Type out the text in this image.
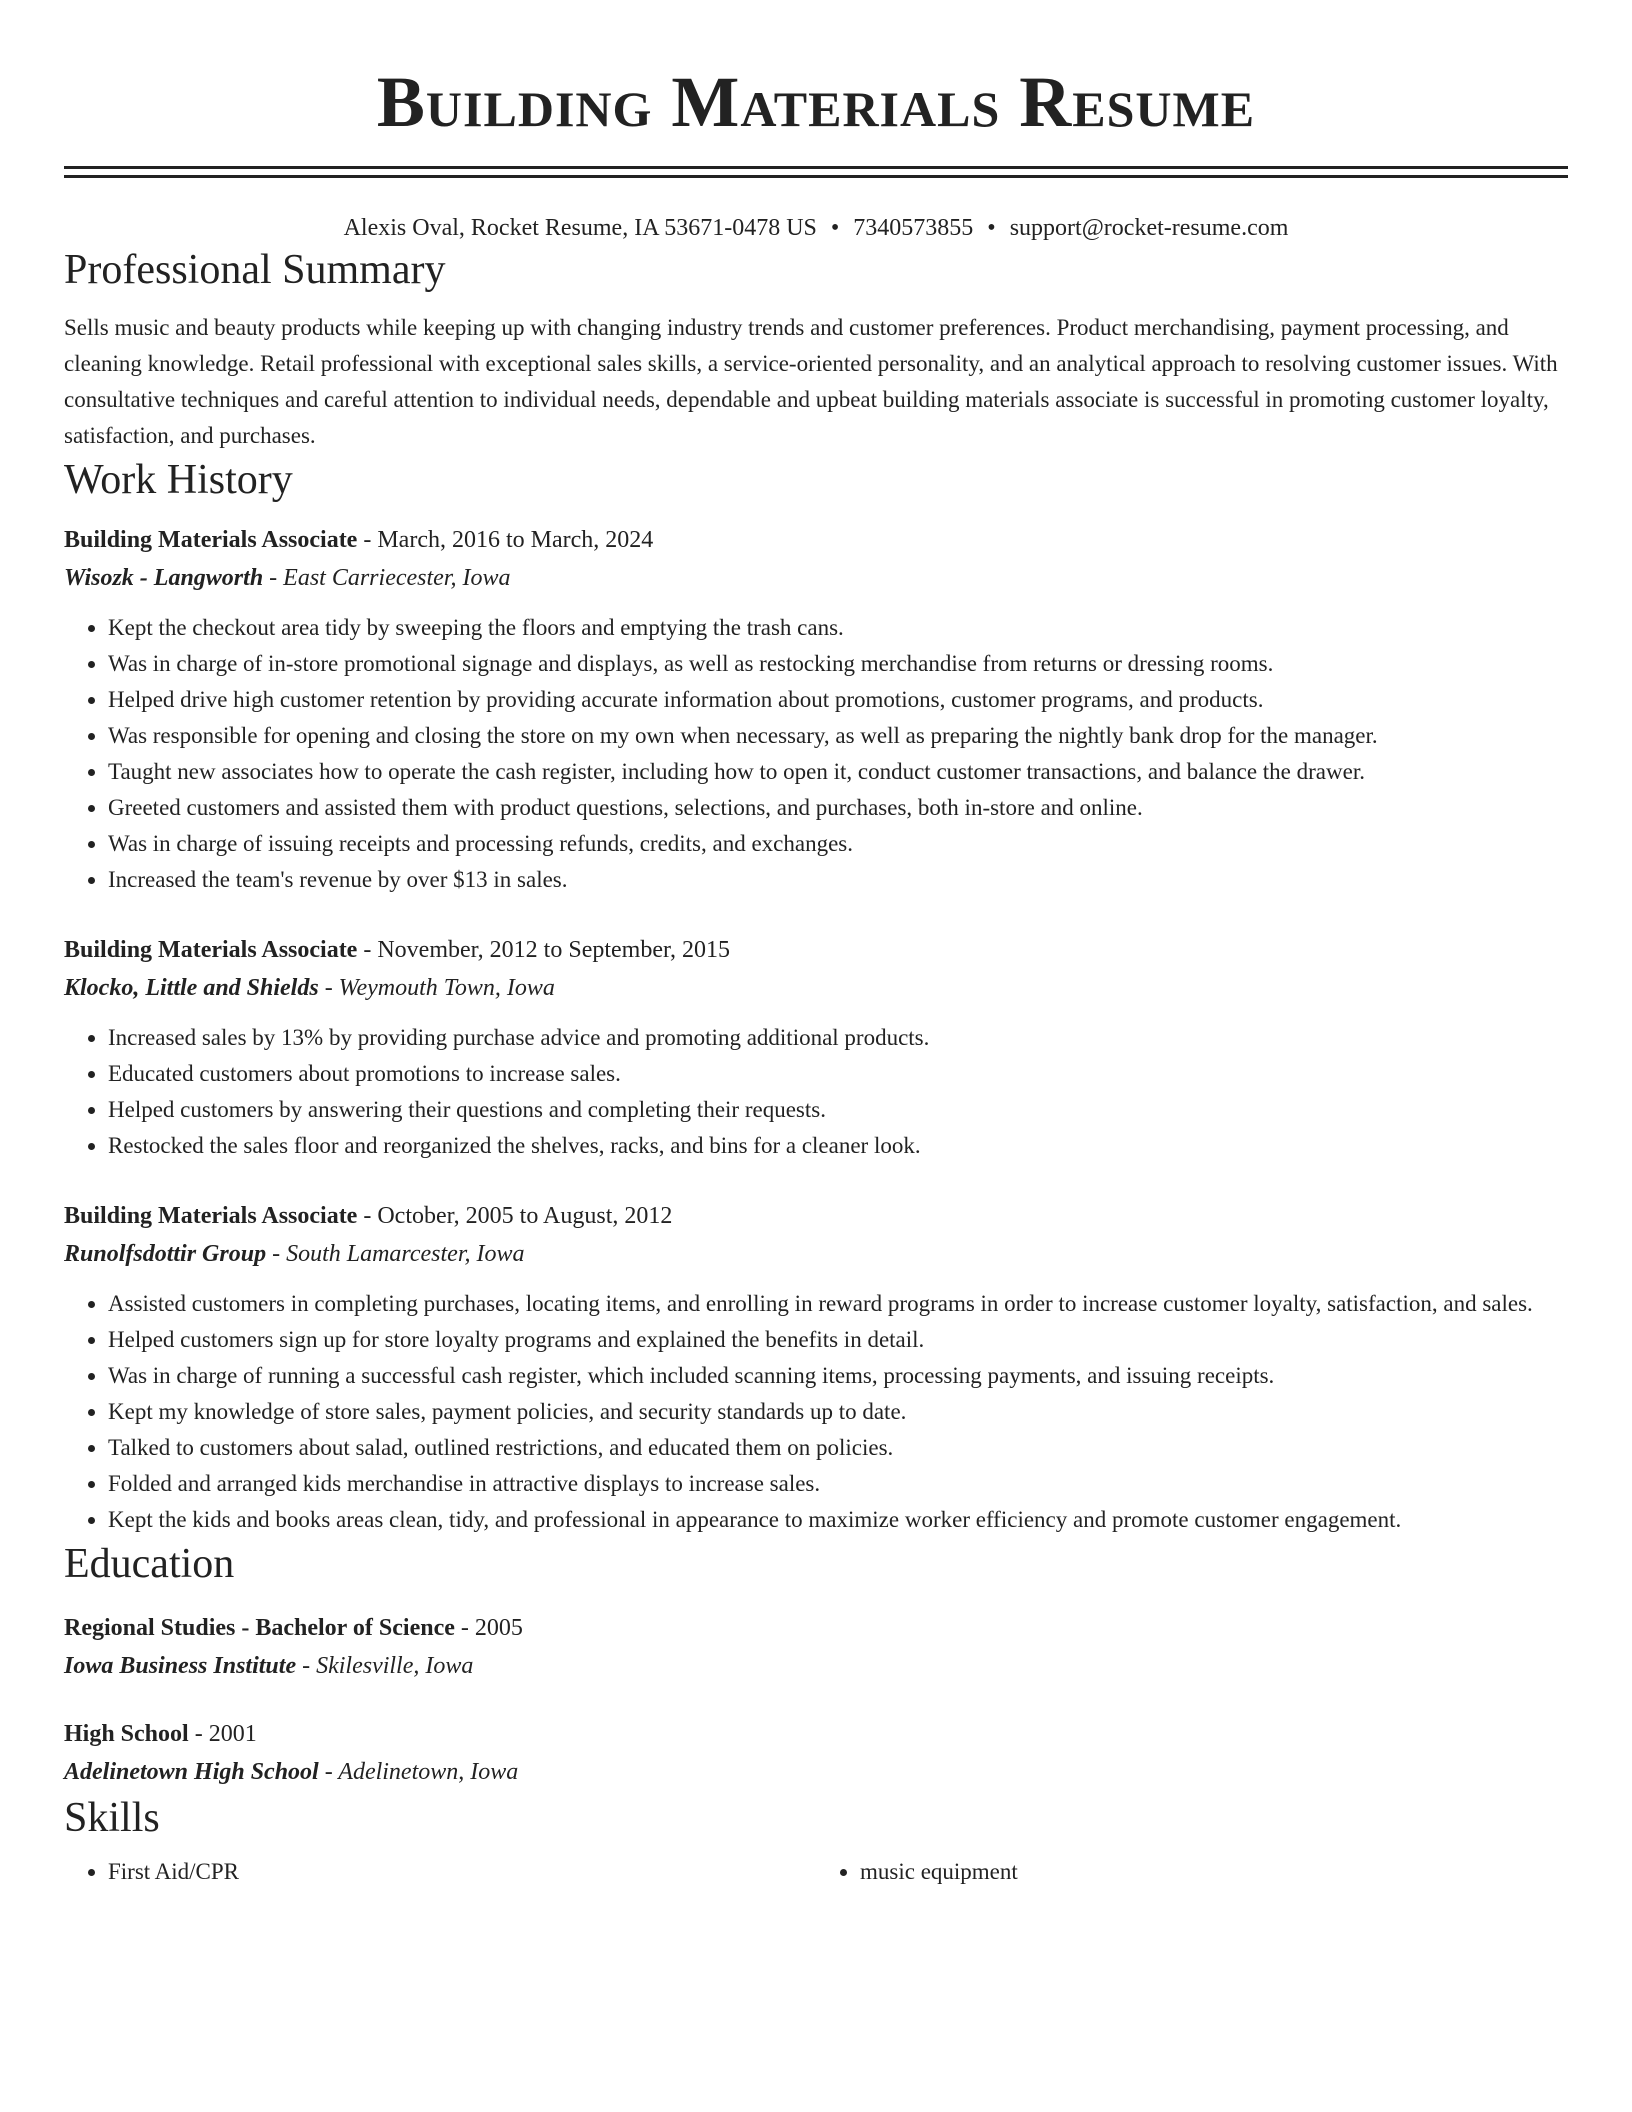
Building Materials Resume
Alexis Oval, Rocket Resume, IA 53671-0478 US • 7340573855 • support@rocket-resume.com
Professional Summary

Sells music and beauty products while keeping up with changing industry trends and customer preferences. Product merchandising, payment processing, and cleaning knowledge. Retail professional with exceptional sales skills, a service-oriented personality, and an analytical approach to resolving customer issues. With consultative techniques and careful attention to individual needs, dependable and upbeat building materials associate is successful in promoting customer loyalty, satisfaction, and purchases.

Work History
Building Materials Associate - March, 2016 to March, 2024
Wisozk - Langworth - East Carriecester, Iowa
• Kept the checkout area tidy by sweeping the floors and emptying the trash cans.
• Was in charge of in-store promotional signage and displays, as well as restocking merchandise from returns or dressing rooms.
• Helped drive high customer retention by providing accurate information about promotions, customer programs, and products.
• Was responsible for opening and closing the store on my own when necessary, as well as preparing the nightly bank drop for the manager.
• Taught new associates how to operate the cash register, including how to open it, conduct customer transactions, and balance the drawer.
• Greeted customers and assisted them with product questions, selections, and purchases, both in-store and online.
• Was in charge of issuing receipts and processing refunds, credits, and exchanges.
• Increased the team's revenue by over $13 in sales.
Building Materials Associate - November, 2012 to September, 2015
Klocko, Little and Shields - Weymouth Town, Iowa
• Increased sales by 13% by providing purchase advice and promoting additional products.
• Educated customers about promotions to increase sales.
• Helped customers by answering their questions and completing their requests.
• Restocked the sales floor and reorganized the shelves, racks, and bins for a cleaner look.
Building Materials Associate - October, 2005 to August, 2012
Runolfsdottir Group - South Lamarcester, Iowa
• Assisted customers in completing purchases, locating items, and enrolling in reward programs in order to increase customer loyalty, satisfaction, and sales.
• Helped customers sign up for store loyalty programs and explained the benefits in detail.
• Was in charge of running a successful cash register, which included scanning items, processing payments, and issuing receipts.
• Kept my knowledge of store sales, payment policies, and security standards up to date.
• Talked to customers about salad, outlined restrictions, and educated them on policies.
• Folded and arranged kids merchandise in attractive displays to increase sales.
• Kept the kids and books areas clean, tidy, and professional in appearance to maximize worker efficiency and promote customer engagement.
Education
Regional Studies - Bachelor of Science - 2005
Iowa Business Institute - Skilesville, Iowa
High School - 2001
Adelinetown High School - Adelinetown, Iowa
Skills
• First Aid/CPR
•	music equipment
